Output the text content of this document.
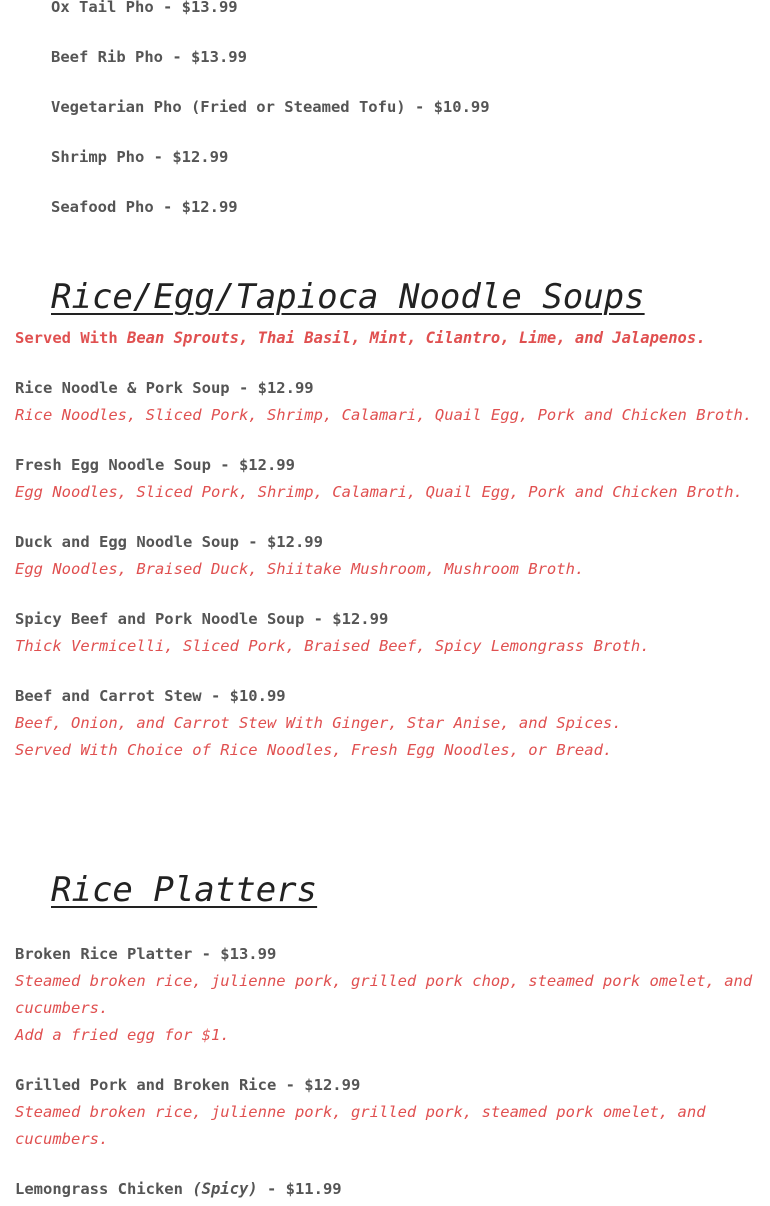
Ox Tail Pho - $13.99
Beef Rib Pho - $13.99
Vegetarian Pho (Fried or Steamed Tofu) - $10.99
Shrimp Pho - $12.99
Seafood Pho - $12.99
Rice/Egg/Tapioca Noodle Soups
Served With Bean Sprouts, Thai Basil, Mint, Cilantro, Lime, and Jalapenos.
Rice Noodle & Pork Soup - $12.99
Rice Noodles, Sliced Pork, Shrimp, Calamari, Quail Egg, Pork and Chicken Broth.
Fresh Egg Noodle Soup - $12.99
Egg Noodles, Sliced Pork, Shrimp, Calamari, Quail Egg, Pork and Chicken Broth.
Duck and Egg Noodle Soup - $12.99
Egg Noodles, Braised Duck, Shiitake Mushroom, Mushroom Broth.
Spicy Beef and Pork Noodle Soup - $12.99
Thick Vermicelli, Sliced Pork, Braised Beef, Spicy Lemongrass Broth.
Beef and Carrot Stew - $10.99
Beef, Onion, and Carrot Stew With Ginger, Star Anise, and Spices.
Served With Choice of Rice Noodles, Fresh Egg Noodles, or Bread.
Rice Platters
Broken Rice Platter - $13.99
Steamed broken rice, julienne pork, grilled pork chop, steamed pork omelet, and
cucumbers.
Add a fried egg for $1.
Grilled Pork and Broken Rice - $12.99
Steamed broken rice, julienne pork, grilled pork, steamed pork omelet, and
cucumbers.
Lemongrass Chicken (Spicy) - $11.99
